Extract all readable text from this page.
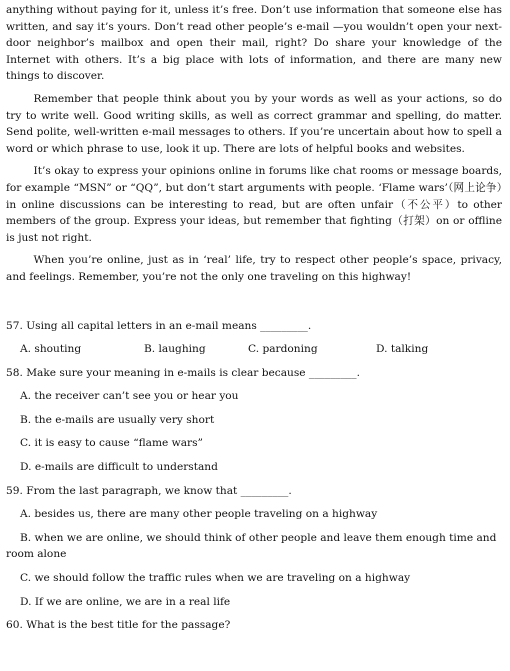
anything without paying for it, unless it’s free. Don’t use information that someone else has written, and say it’s yours. Don’t read other people’s e-mail —you wouldn’t open your next-door neighbor’s mailbox and open their mail, right? Do share your knowledge of the Internet with others. It’s a big place with lots of information, and there are many new things to discover.

Remember that people think about you by your words as well as your actions, so do try to write well. Good writing skills, as well as correct grammar and spelling, do matter. Send polite, well-written e-mail messages to others. If you’re uncertain about how to spell a word or which phrase to use, look it up. There are lots of helpful books and websites.

It’s okay to express your opinions online in forums like chat rooms or message boards, for example “MSN” or “QQ”, but don’t start arguments with people. ‘Flame wars’（网上论争）in online discussions can be interesting to read, but are often unfair（不公平）to other members of the group. Express your ideas, but remember that fighting（打架）on or offline is just not right.

When you’re online, just as in ‘real’ life, try to respect other people’s space, privacy, and feelings. Remember, you’re not the only one traveling on this highway!

57. Using all capital letters in an e-mail means _________.
A. shouting	B. laughing	C. pardoning	D. talking
58. Make sure your meaning in e-mails is clear because _________.
A. the receiver can’t see you or hear you
B. the e-mails are usually very short
C. it is easy to cause “flame wars”
D. e-mails are difficult to understand
59. From the last paragraph, we know that _________.
A. besides us, there are many other people traveling on a highway
B. when we are online, we should think of other people and leave them enough time and room alone
C. we should follow the traffic rules when we are traveling on a highway
D. If we are online, we are in a real life
60. What is the best title for the passage?
